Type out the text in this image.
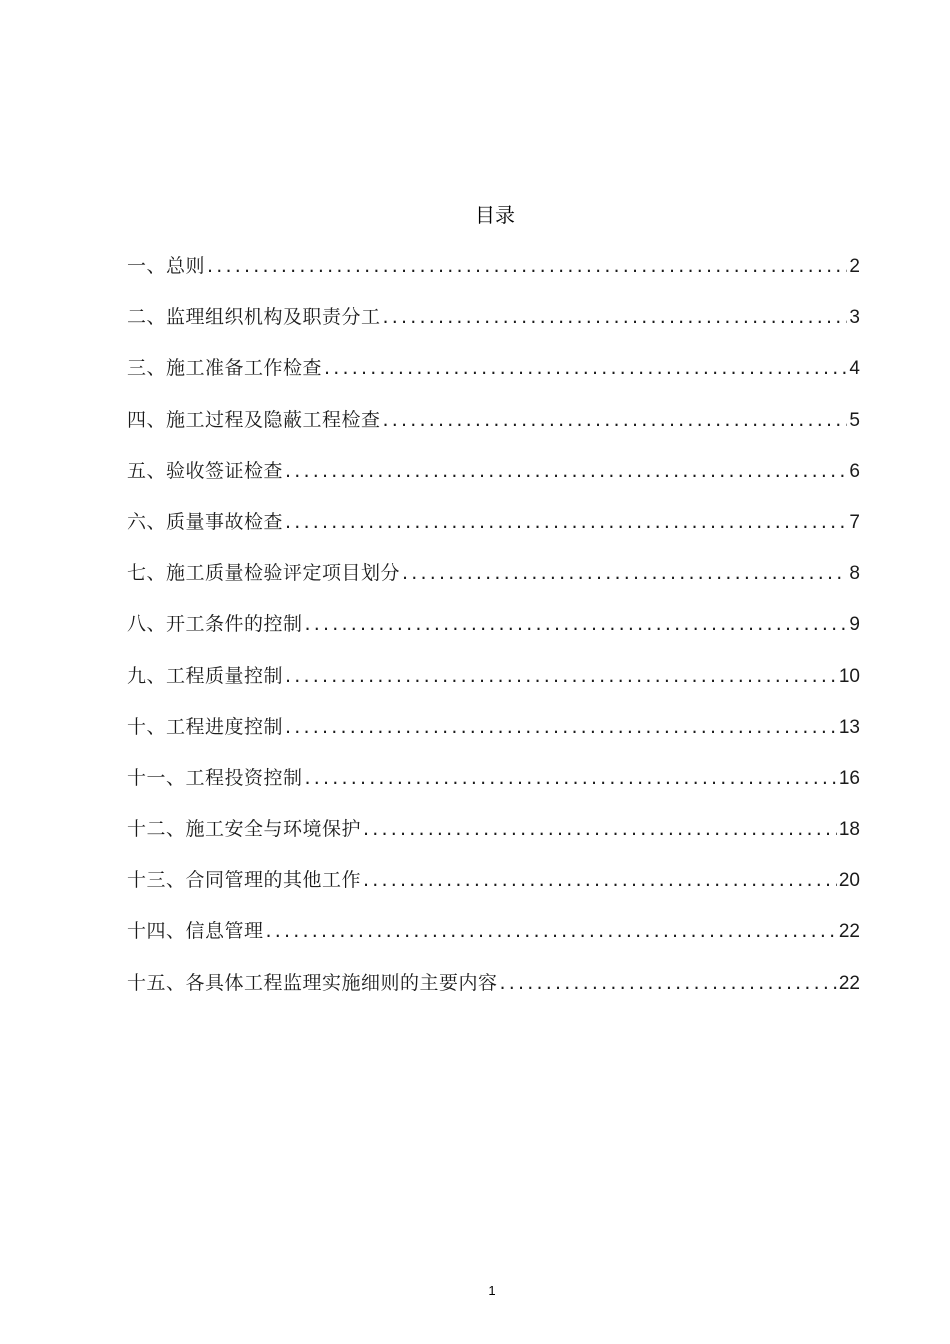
目录
一、总则 .....	2
二、监理组织机构及职责分工 .....	3
三、施工准备工作检查 .....	4
四、施工过程及隐蔽工程检查 .....	5
五、验收签证检查 .....	6
六、质量事故检查 .....	7
七、施工质量检验评定项目划分 .....	8
八、开工条件的控制 .....	9
九、工程质量控制 .....	10
十、工程进度控制 .....	13
十一、工程投资控制 .....	16
十二、施工安全与环境保护 .....	18
十三、合同管理的其他工作 .....	20
十四、信息管理 .....	22
十五、各具体工程监理实施细则的主要内容 .....	22
1
